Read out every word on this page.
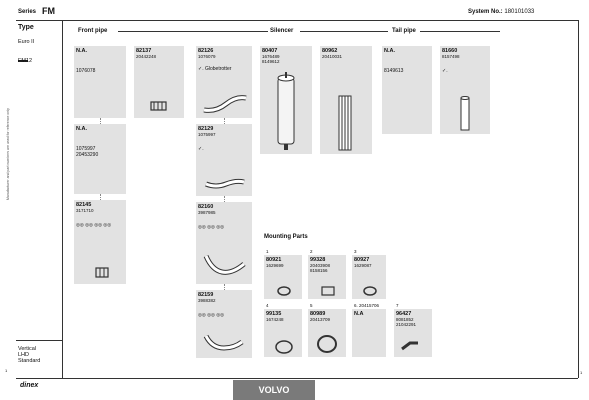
Series FM	System No.: 180101033
Type
Euro II
FM12
Vertical
LHD
Standard
Manufacturer and part numbers are used for reference only
1
Front pipe	Silencer	Tail pipe
N.A.
1076078
82137
20442248
82126
1076079
✓. Globetrotter
80407
1676489
8149612
80962
20410031
N.A.
8149613
81660
8157498
✓.
N.A.
1075997
20453290
82129
1075997
✓.
82145
3171710
◎◎ ◎◎ ◎◎ ◎◎
82160
3987985
◎◎ ◎◎ ◎◎
82159
3988382
◎◎ ◎◎ ◎◎
Mounting Parts
1
80921
1629699
2
99328
20403908
8158156
3
80927
1629087
4
99135
1674248
5
80989
20413709
6. 20415706
N.A
7
96427
8081852
21042291
dinex	VOLVO
1
